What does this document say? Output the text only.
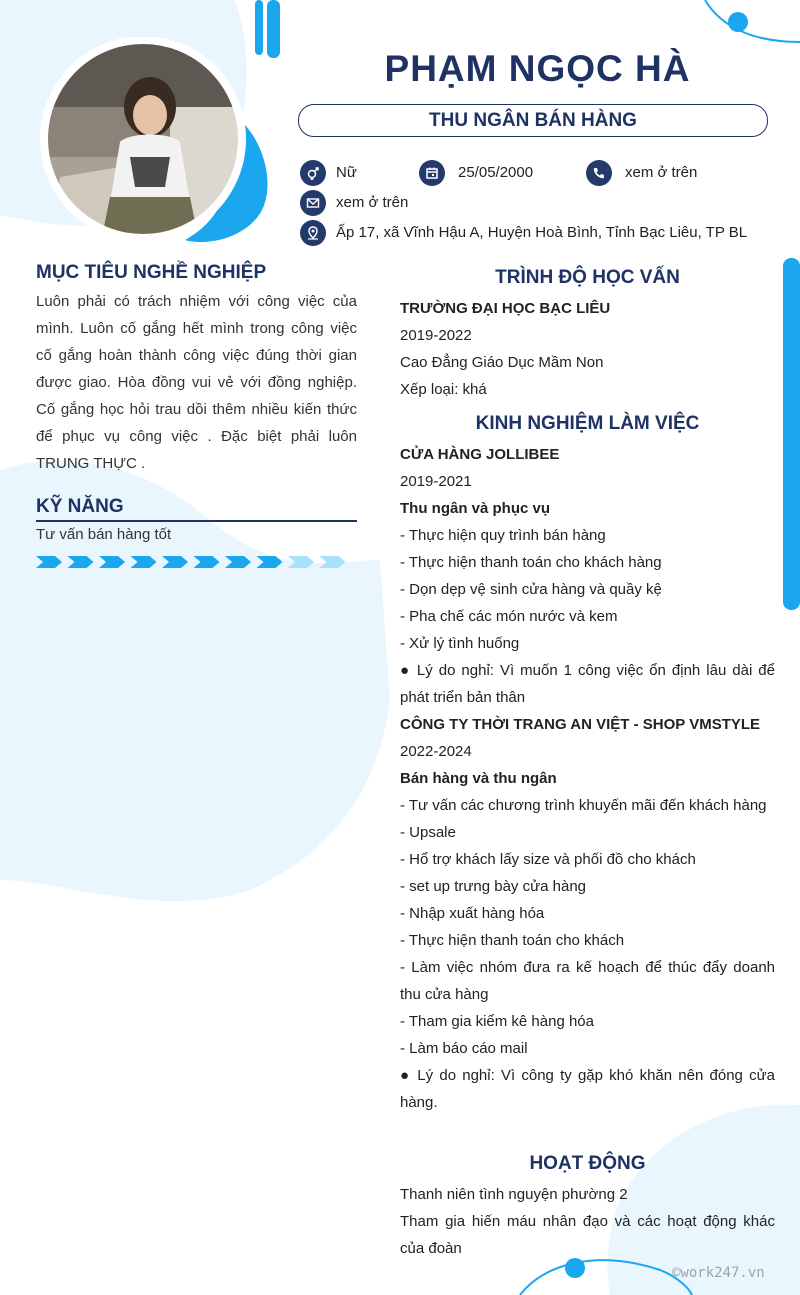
PHẠM NGỌC HÀ
THU NGÂN BÁN HÀNG
Nữ	25/05/2000	xem ở trên
xem ở trên
Ấp 17, xã Vĩnh Hậu A, Huyện Hoà Bình, Tỉnh Bạc Liêu, TP BL
MỤC TIÊU NGHỀ NGHIỆP
Luôn phải có trách nhiệm với công việc của mình. Luôn cố gắng hết mình trong công việc cố gắng hoàn thành công việc đúng thời gian được giao. Hòa đồng vui vẻ với đồng nghiệp. Cố gắng học hỏi trau dồi thêm nhiều kiến thức để phục vụ công việc . Đặc biệt phải luôn TRUNG THỰC .
KỸ NĂNG
Tư vấn bán hàng tốt
TRÌNH ĐỘ HỌC VẤN
TRƯỜNG ĐẠI HỌC BẠC LIÊU
2019-2022
Cao Đẳng Giáo Dục Mầm Non
Xếp loại: khá
KINH NGHIỆM LÀM VIỆC
CỬA HÀNG JOLLIBEE
2019-2021
Thu ngân và phục vụ
- Thực hiện quy trình bán hàng
- Thực hiện thanh toán cho khách hàng
- Dọn dẹp vệ sinh cửa hàng và quầy kệ
- Pha chế các món nước và kem
- Xử lý tình huống
● Lý do nghỉ: Vì muốn 1 công việc ổn định lâu dài để phát triển bản thân
CÔNG TY THỜI TRANG AN VIỆT - SHOP VMSTYLE
2022-2024
Bán hàng và thu ngân
- Tư vấn các chương trình khuyến mãi đến khách hàng
- Upsale
- Hổ trợ khách lấy size và phối đồ cho khách
- set up trưng bày cửa hàng
- Nhập xuất hàng hóa
- Thực hiện thanh toán cho khách
- Làm việc nhóm đưa ra kế hoạch để thúc đẩy doanh thu cửa hàng
- Tham gia kiểm kê hàng hóa
- Làm báo cáo mail
● Lý do nghỉ: Vì công ty gặp khó khăn nên đóng cửa hàng.
HOẠT ĐỘNG
Thanh niên tình nguyện phường 2
Tham gia hiến máu nhân đạo và các hoạt động khác của đoàn
©work247.vn
